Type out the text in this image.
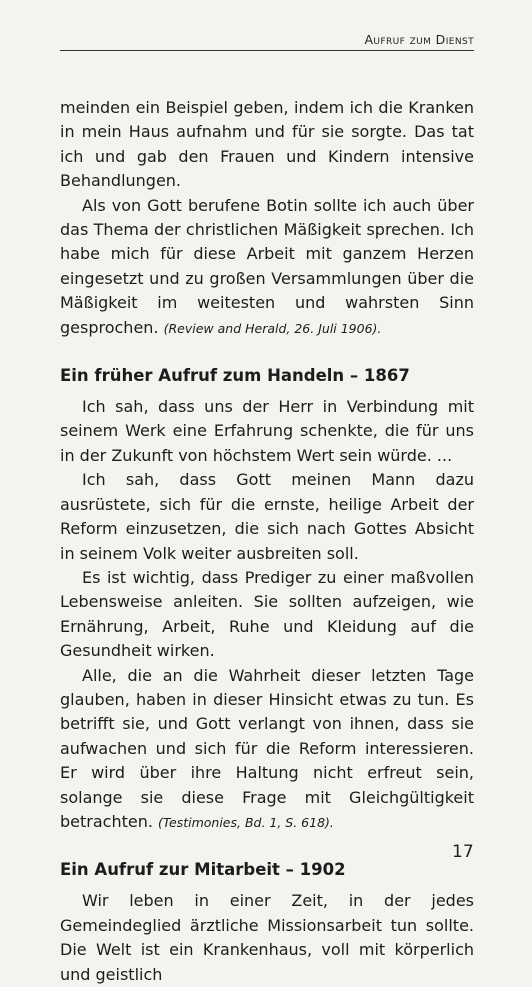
Aufruf zum Dienst

meinden ein Beispiel geben, indem ich die Kranken in mein Haus aufnahm und für sie sorgte. Das tat ich und gab den Frauen und Kindern intensive Behandlungen.

Als von Gott berufene Botin sollte ich auch über das Thema der christlichen Mäßigkeit sprechen. Ich habe mich für diese Arbeit mit ganzem Herzen eingesetzt und zu großen Versammlungen über die Mäßigkeit im weitesten und wahrsten Sinn gesprochen. (Review and Herald, 26. Juli 1906).

Ein früher Aufruf zum Handeln – 1867

Ich sah, dass uns der Herr in Verbindung mit seinem Werk eine Erfahrung schenkte, die für uns in der Zukunft von höchstem Wert sein würde. ...

Ich sah, dass Gott meinen Mann dazu ausrüstete, sich für die ernste, heilige Arbeit der Reform einzusetzen, die sich nach Gottes Absicht in seinem Volk weiter ausbreiten soll.

Es ist wichtig, dass Prediger zu einer maßvollen Lebensweise anleiten. Sie sollten aufzeigen, wie Ernährung, Arbeit, Ruhe und Kleidung auf die Gesundheit wirken.

Alle, die an die Wahrheit dieser letzten Tage glauben, haben in dieser Hinsicht etwas zu tun. Es betrifft sie, und Gott verlangt von ihnen, dass sie aufwachen und sich für die Reform interessieren. Er wird über ihre Haltung nicht erfreut sein, solange sie diese Frage mit Gleichgültigkeit betrachten. (Testimonies, Bd. 1, S. 618).

Ein Aufruf zur Mitarbeit – 1902

Wir leben in einer Zeit, in der jedes Gemeindeglied ärztliche Missionsarbeit tun sollte. Die Welt ist ein Krankenhaus, voll mit körperlich und geistlich

17
